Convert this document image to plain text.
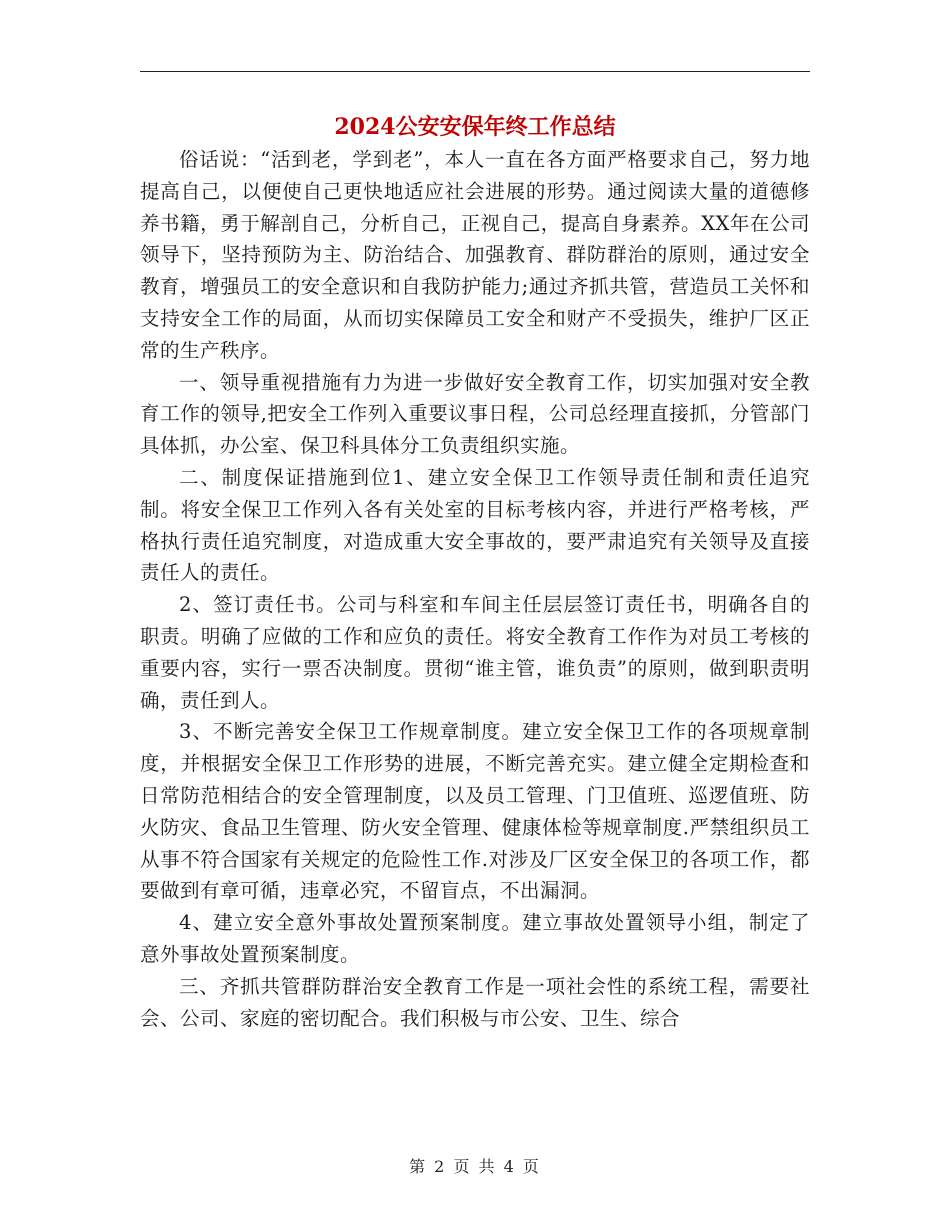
2024公安安保年终工作总结

俗话说：“活到老，学到老”，本人一直在各方面严格要求自己，努力地提高自己，以便使自己更快地适应社会进展的形势。通过阅读大量的道德修养书籍，勇于解剖自己，分析自己，正视自己，提高自身素养。XX年在公司领导下，坚持预防为主、防治结合、加强教育、群防群治的原则，通过安全教育，增强员工的安全意识和自我防护能力;通过齐抓共管，营造员工关怀和支持安全工作的局面，从而切实保障员工安全和财产不受损失，维护厂区正常的生产秩序。

一、领导重视措施有力为进一步做好安全教育工作，切实加强对安全教育工作的领导,把安全工作列入重要议事日程，公司总经理直接抓，分管部门具体抓，办公室、保卫科具体分工负责组织实施。

二、制度保证措施到位1、建立安全保卫工作领导责任制和责任追究制。将安全保卫工作列入各有关处室的目标考核内容，并进行严格考核，严格执行责任追究制度，对造成重大安全事故的，要严肃追究有关领导及直接责任人的责任。

2、签订责任书。公司与科室和车间主任层层签订责任书，明确各自的职责。明确了应做的工作和应负的责任。将安全教育工作作为对员工考核的重要内容，实行一票否决制度。贯彻“谁主管，谁负责”的原则，做到职责明确，责任到人。

3、不断完善安全保卫工作规章制度。建立安全保卫工作的各项规章制度，并根据安全保卫工作形势的进展，不断完善充实。建立健全定期检查和日常防范相结合的安全管理制度，以及员工管理、门卫值班、巡逻值班、防火防灾、食品卫生管理、防火安全管理、健康体检等规章制度.严禁组织员工从事不符合国家有关规定的危险性工作.对涉及厂区安全保卫的各项工作，都要做到有章可循，违章必究，不留盲点，不出漏洞。

4、建立安全意外事故处置预案制度。建立事故处置领导小组，制定了意外事故处置预案制度。

三、齐抓共管群防群治安全教育工作是一项社会性的系统工程，需要社会、公司、家庭的密切配合。我们积极与市公安、卫生、综合

第 2 页 共 4 页
